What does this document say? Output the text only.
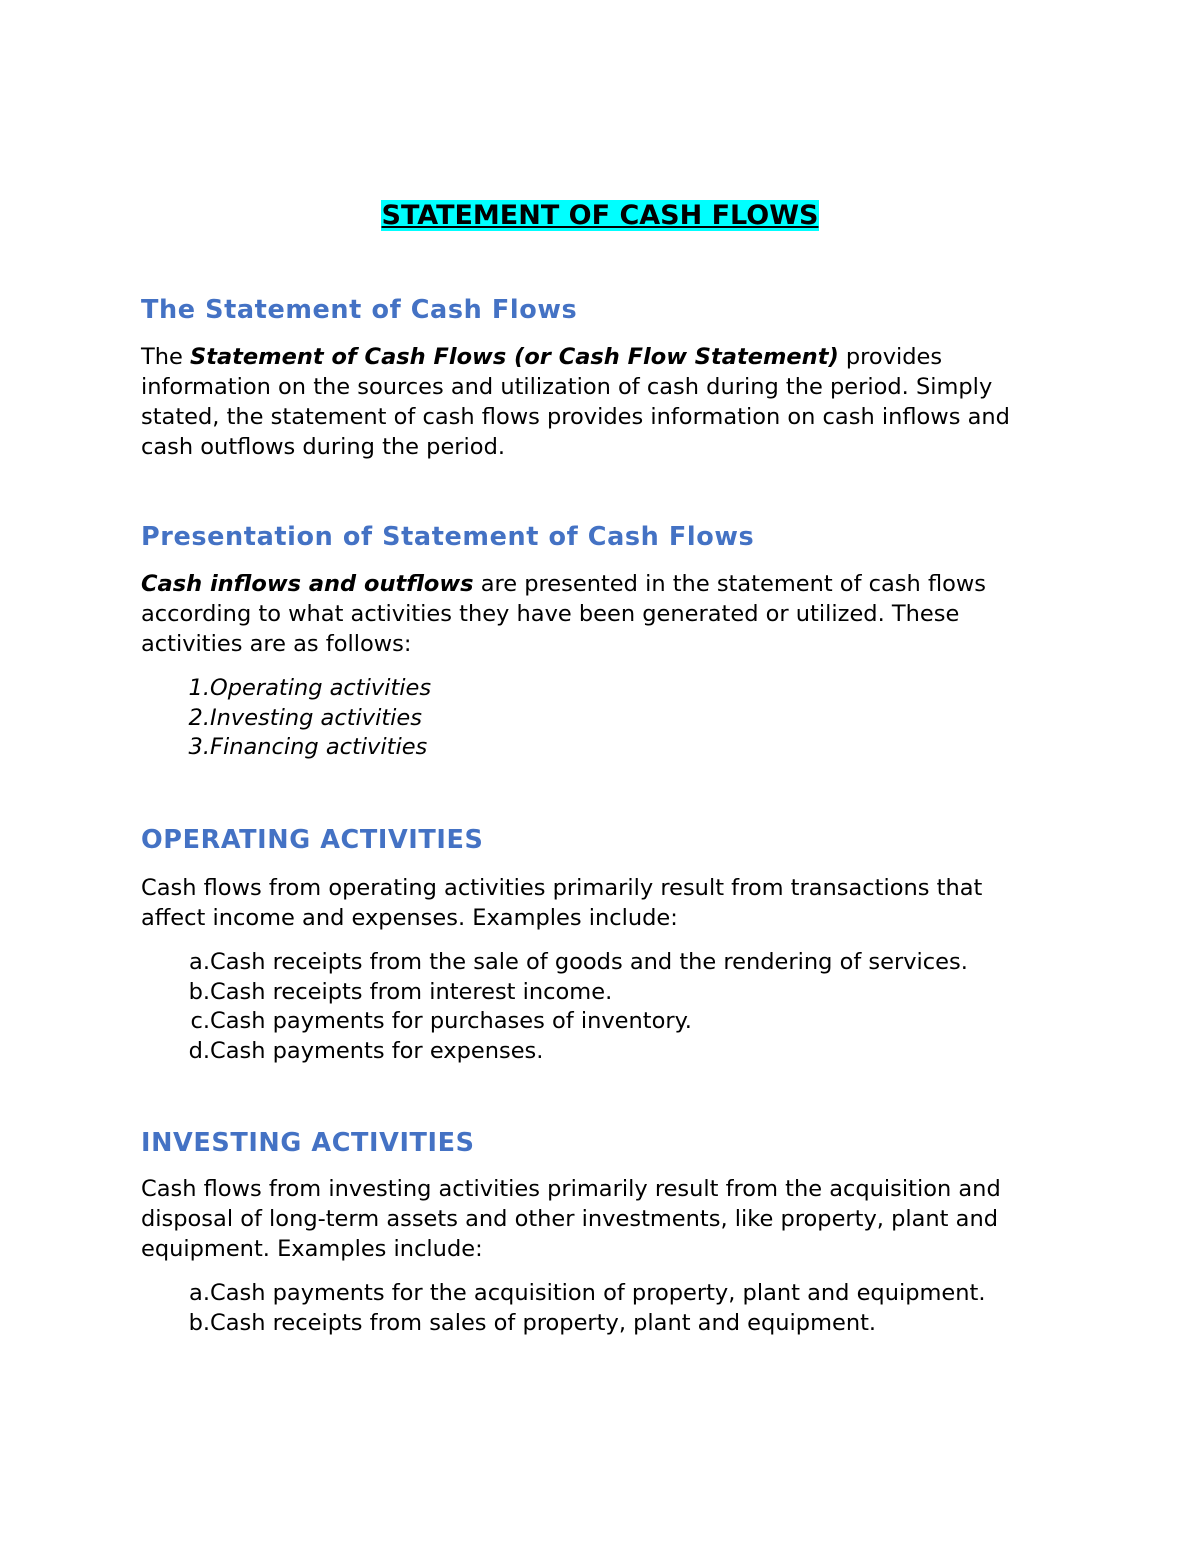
STATEMENT OF CASH FLOWS
The Statement of Cash Flows
The Statement of Cash Flows (or Cash Flow Statement) provides
information on the sources and utilization of cash during the period. Simply
stated, the statement of cash flows provides information on cash inflows and
cash outflows during the period.
Presentation of Statement of Cash Flows
Cash inflows and outflows are presented in the statement of cash flows
according to what activities they have been generated or utilized. These
activities are as follows:
1. Operating activities
2. Investing activities
3. Financing activities
OPERATING ACTIVITIES
Cash flows from operating activities primarily result from transactions that
affect income and expenses. Examples include:
a. Cash receipts from the sale of goods and the rendering of services.
b. Cash receipts from interest income.
c. Cash payments for purchases of inventory.
d. Cash payments for expenses.
INVESTING ACTIVITIES
Cash flows from investing activities primarily result from the acquisition and
disposal of long-term assets and other investments, like property, plant and
equipment. Examples include:
a. Cash payments for the acquisition of property, plant and equipment.
b. Cash receipts from sales of property, plant and equipment.
